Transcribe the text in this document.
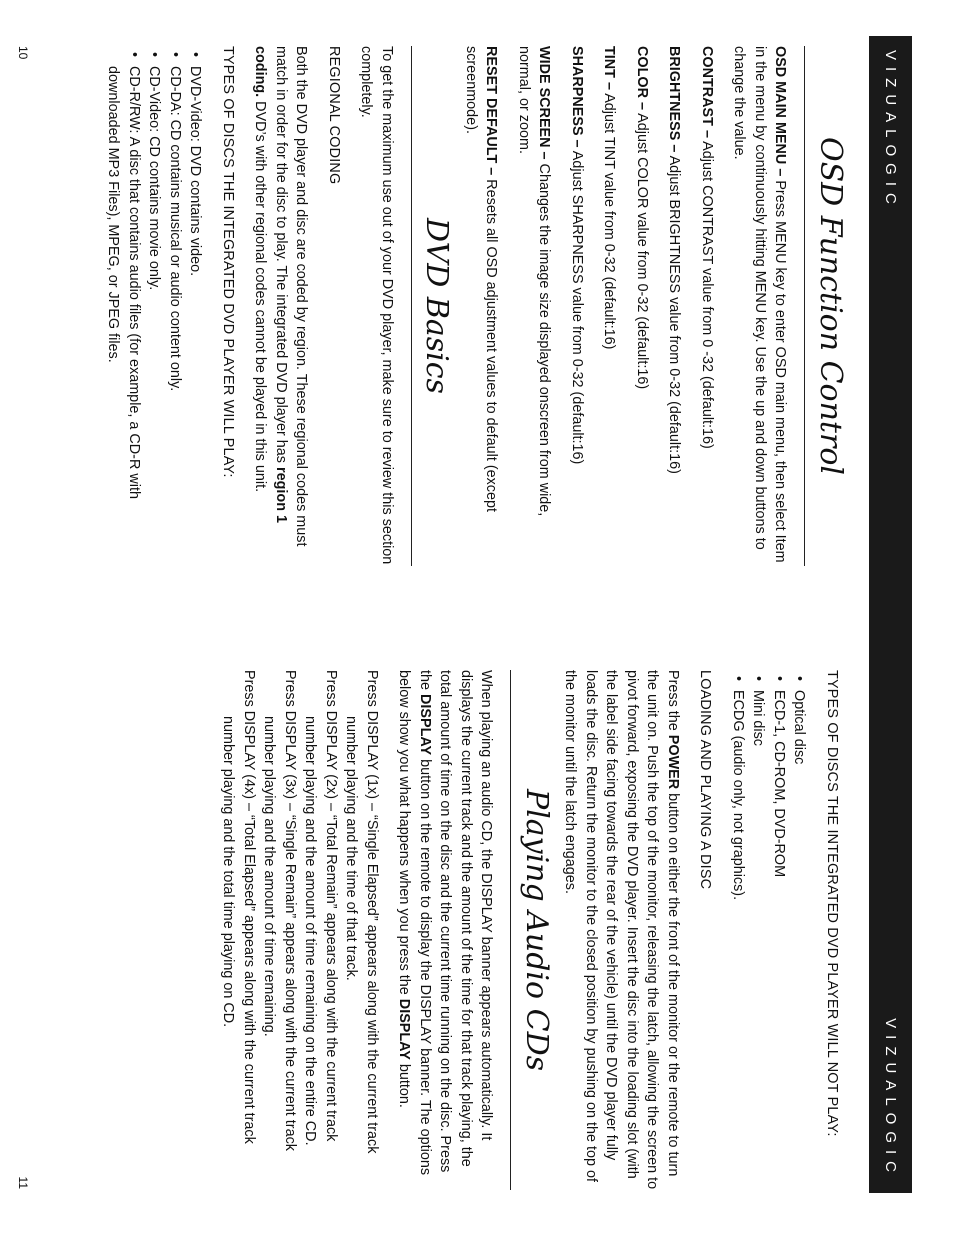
VIZUALOGIC
OSD Function Control

OSD MAIN MENU – Press MENU key to enter OSD main menu, then select Item in the menu by continuously hitting MENU key. Use the up and down buttons to change the value.

CONTRAST – Adjust CONTRAST value from 0 -32 (default:16)

BRIGHTNESS – Adjust BRIGHTNESS value from 0-32 (default:16)

COLOR – Adjust COLOR value from 0-32 (default:16)

TINT – Adjust TINT value from 0-32 (default:16)

SHARPNESS – Adjust SHARPNESS value from 0-32 (default:16)

WIDE SCREEN – Changes the image size displayed onscreen from wide, normal, or zoom.

RESET DEFAULT – Resets all OSD adjustment values to default (except screenmode).

DVD Basics

To get the maximum use out of your DVD player, make sure to review this section completely.

REGIONAL CODING

Both the DVD player and disc are coded by region. These regional codes must match in order for the disc to play. The integrated DVD player has region 1 coding. DVD’s with other regional codes cannot be played in this unit.

TYPES OF DISCS THE INTEGRATED DVD PLAYER WILL PLAY:

• DVD-Video: DVD contains video.
• CD-DA: CD contains musical or audio content only.
• CD-Video: CD contains movie only.
• CD-R/RW: A disc that contains audio files (for example, a CD-R with downloaded MP3 Files), MPEG, or JPEG files.
10
VIZUALOGIC

TYPES OF DISCS THE INTEGRATED DVD PLAYER WILL NOT PLAY:

• Optical disc
• ECD-1, CD-ROM, DVD-ROM
• Mini disc
• ECDG (audio only, not graphics).

LOADING AND PLAYING A DISC

Press the POWER button on either the front of the monitor or the remote to turn the unit on. Push the top of the monitor, releasing the latch, allowing the screen to pivot forward, exposing the DVD player. Insert the disc into the loading slot (with the label side facing towards the rear of the vehicle) until the DVD player fully loads the disc. Return the monitor to the closed position by pushing on the top of the monitor until the latch engages.

Playing Audio CDs

When playing an audio CD, the DISPLAY banner appears automatically. It displays the current track and the amount of the time for that track playing, the total amount of time on the disc and the current time running on the disc. Press the DISPLAY button on the remote to display the DISPLAY banner. The options below show you what happens when you press the DISPLAY button.

Press DISPLAY (1x) – “Single Elapsed” appears along with the current track number playing and the time of that track.
Press DISPLAY (2x) – “Total Remain” appears along with the current track number playing and the amount of time remaining on the entire CD.
Press DISPLAY (3x) – “Single Remain” appears along with the current track number playing and the amount of time remaining.
Press DISPLAY (4x) – “Total Elapsed” appears along with the current track number playing and the total time playing on CD.
11
